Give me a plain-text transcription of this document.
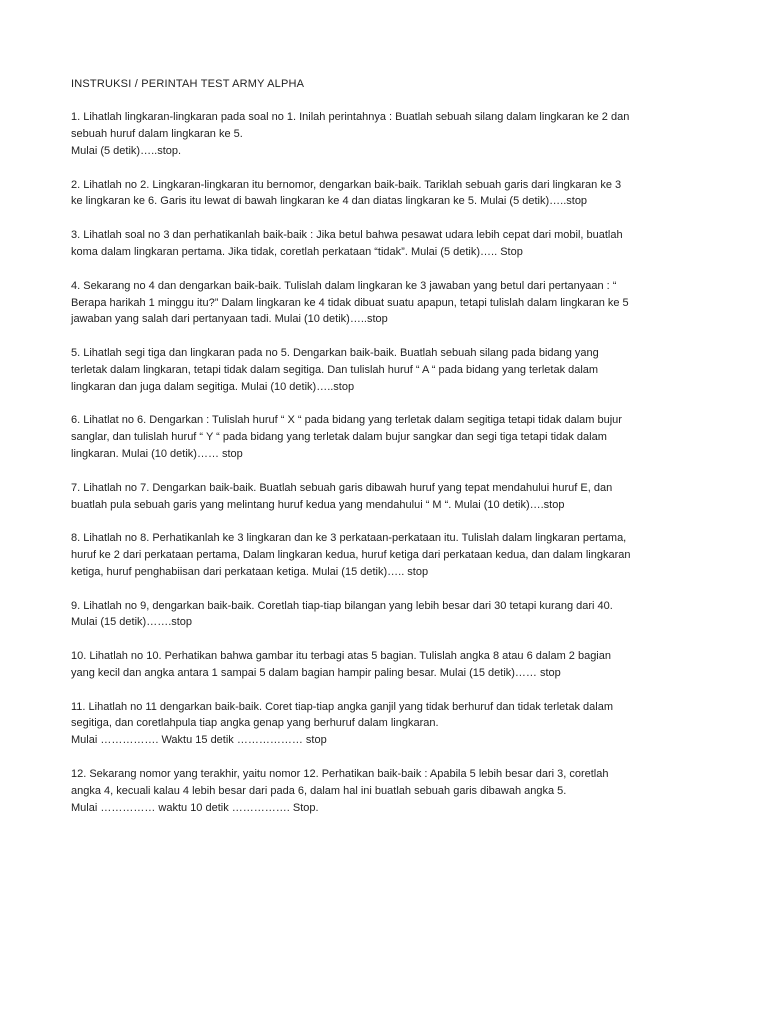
INSTRUKSI / PERINTAH TEST ARMY ALPHA
1. Lihatlah lingkaran-lingkaran pada soal no 1. Inilah perintahnya : Buatlah sebuah silang dalam lingkaran ke 2 dan
sebuah huruf dalam lingkaran ke 5.
Mulai (5 detik)…..stop.
2. Lihatlah no 2. Lingkaran-lingkaran itu bernomor, dengarkan baik-baik. Tariklah sebuah garis dari lingkaran ke 3
ke lingkaran ke 6. Garis itu lewat di bawah lingkaran ke 4 dan diatas lingkaran ke 5. Mulai (5 detik)…..stop
3. Lihatlah soal no 3 dan perhatikanlah baik-baik : Jika betul bahwa pesawat udara lebih cepat dari mobil, buatlah
koma dalam lingkaran pertama. Jika tidak, coretlah perkataan “tidak”. Mulai (5 detik)….. Stop
4. Sekarang no 4 dan dengarkan baik-baik. Tulislah dalam lingkaran ke 3 jawaban yang betul dari pertanyaan : “
Berapa harikah 1 minggu itu?” Dalam lingkaran ke 4 tidak dibuat suatu apapun, tetapi tulislah dalam lingkaran ke 5
jawaban yang salah dari pertanyaan tadi. Mulai (10 detik)…..stop
5. Lihatlah segi tiga dan lingkaran pada no 5. Dengarkan baik-baik. Buatlah sebuah silang pada bidang yang
terletak dalam lingkaran, tetapi tidak dalam segitiga. Dan tulislah huruf “ A “ pada bidang yang terletak dalam
lingkaran dan juga dalam segitiga. Mulai (10 detik)…..stop
6. Lihatlat no 6. Dengarkan : Tulislah huruf “ X “ pada bidang yang terletak dalam segitiga tetapi tidak dalam bujur
sanglar, dan tulislah huruf “ Y “ pada bidang yang terletak dalam bujur sangkar dan segi tiga tetapi tidak dalam
lingkaran. Mulai (10 detik)…… stop
7. Lihatlah no 7. Dengarkan baik-baik. Buatlah sebuah garis dibawah huruf yang tepat mendahului huruf E, dan
buatlah pula sebuah garis yang melintang huruf kedua yang mendahului “ M “. Mulai (10 detik)….stop
8. Lihatlah no 8. Perhatikanlah ke 3 lingkaran dan ke 3 perkataan-perkataan itu. Tulislah dalam lingkaran pertama,
huruf ke 2 dari perkataan pertama, Dalam lingkaran kedua, huruf ketiga dari perkataan kedua, dan dalam lingkaran
ketiga, huruf penghabiisan dari perkataan ketiga. Mulai (15 detik)….. stop
9. Lihatlah no 9, dengarkan baik-baik. Coretlah tiap-tiap bilangan yang lebih besar dari 30 tetapi kurang dari 40.
Mulai (15 detik)…….stop
10. Lihatlah no 10. Perhatikan bahwa gambar itu terbagi atas 5 bagian. Tulislah angka 8 atau 6 dalam 2 bagian
yang kecil dan angka antara 1 sampai 5 dalam bagian hampir paling besar. Mulai (15 detik)…… stop
11. Lihatlah no 11 dengarkan baik-baik. Coret tiap-tiap angka ganjil yang tidak berhuruf dan tidak terletak dalam
segitiga, dan coretlahpula tiap angka genap yang berhuruf dalam lingkaran.
Mulai ……………. Waktu 15 detik ……………… stop
12. Sekarang nomor yang terakhir, yaitu nomor 12. Perhatikan baik-baik : Apabila 5 lebih besar dari 3, coretlah
angka 4, kecuali kalau 4 lebih besar dari pada 6, dalam hal ini buatlah sebuah garis dibawah angka 5.
Mulai …………… waktu 10 detik ……………. Stop.
